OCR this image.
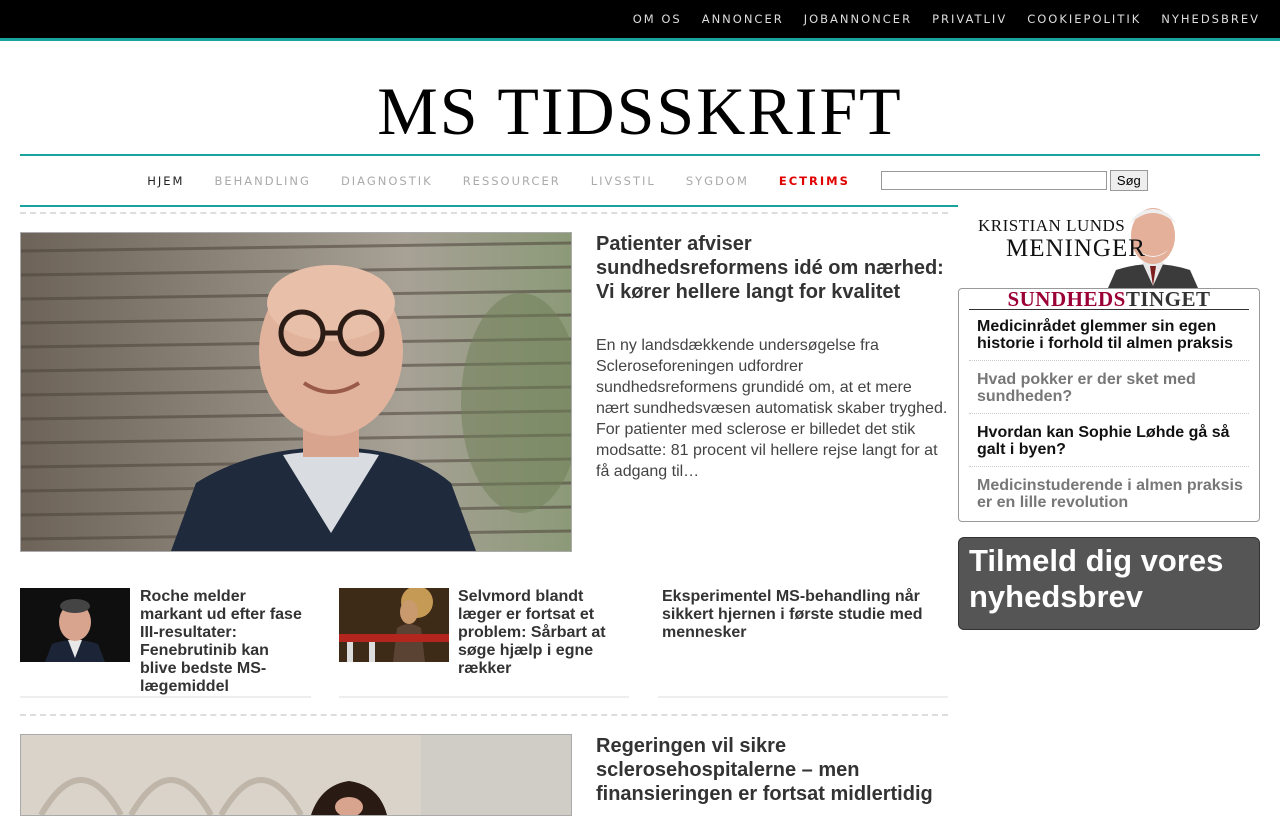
OM OS ANNONCER JOBANNONCER PRIVATLIV COOKIEPOLITIK NYHEDSBREV
MS TIDSSKRIFT
HJEM	BEHANDLING	DIAGNOSTIK	RESSOURCER	LIVSSTIL	SYGDOM	ECTRIMS	Søg
Patienter afviser sundhedsreformens idé om nærhed: Vi kører hellere langt for kvalitet

En ny landsdækkende undersøgelse fra Scleroseforeningen udfordrer sundhedsreformens grundidé om, at et mere nært sundhedsvæsen automatisk skaber tryghed. For patienter med sclerose er billedet det stik modsatte: 81 procent vil hellere rejse langt for at få adgang til…

Roche melder markant ud efter fase III-resultater: Fenebrutinib kan blive bedste MS-lægemiddel
Selvmord blandt læger er fortsat et problem: Sårbart at søge hjælp i egne rækker
Eksperimentel MS-behandling når sikkert hjernen i første studie med mennesker
Regeringen vil sikre sclerosehospitalerne – men finansieringen er fortsat midlertidig
KRISTIAN LUNDS
MENINGER
SUNDHEDSTINGET

Medicinrådet glemmer sin egen historie i forhold til almen praksis

Hvad pokker er der sket med sundheden?

Hvordan kan Sophie Løhde gå så galt i byen?

Medicinstuderende i almen praksis er en lille revolution

Tilmeld dig vores nyhedsbrev
